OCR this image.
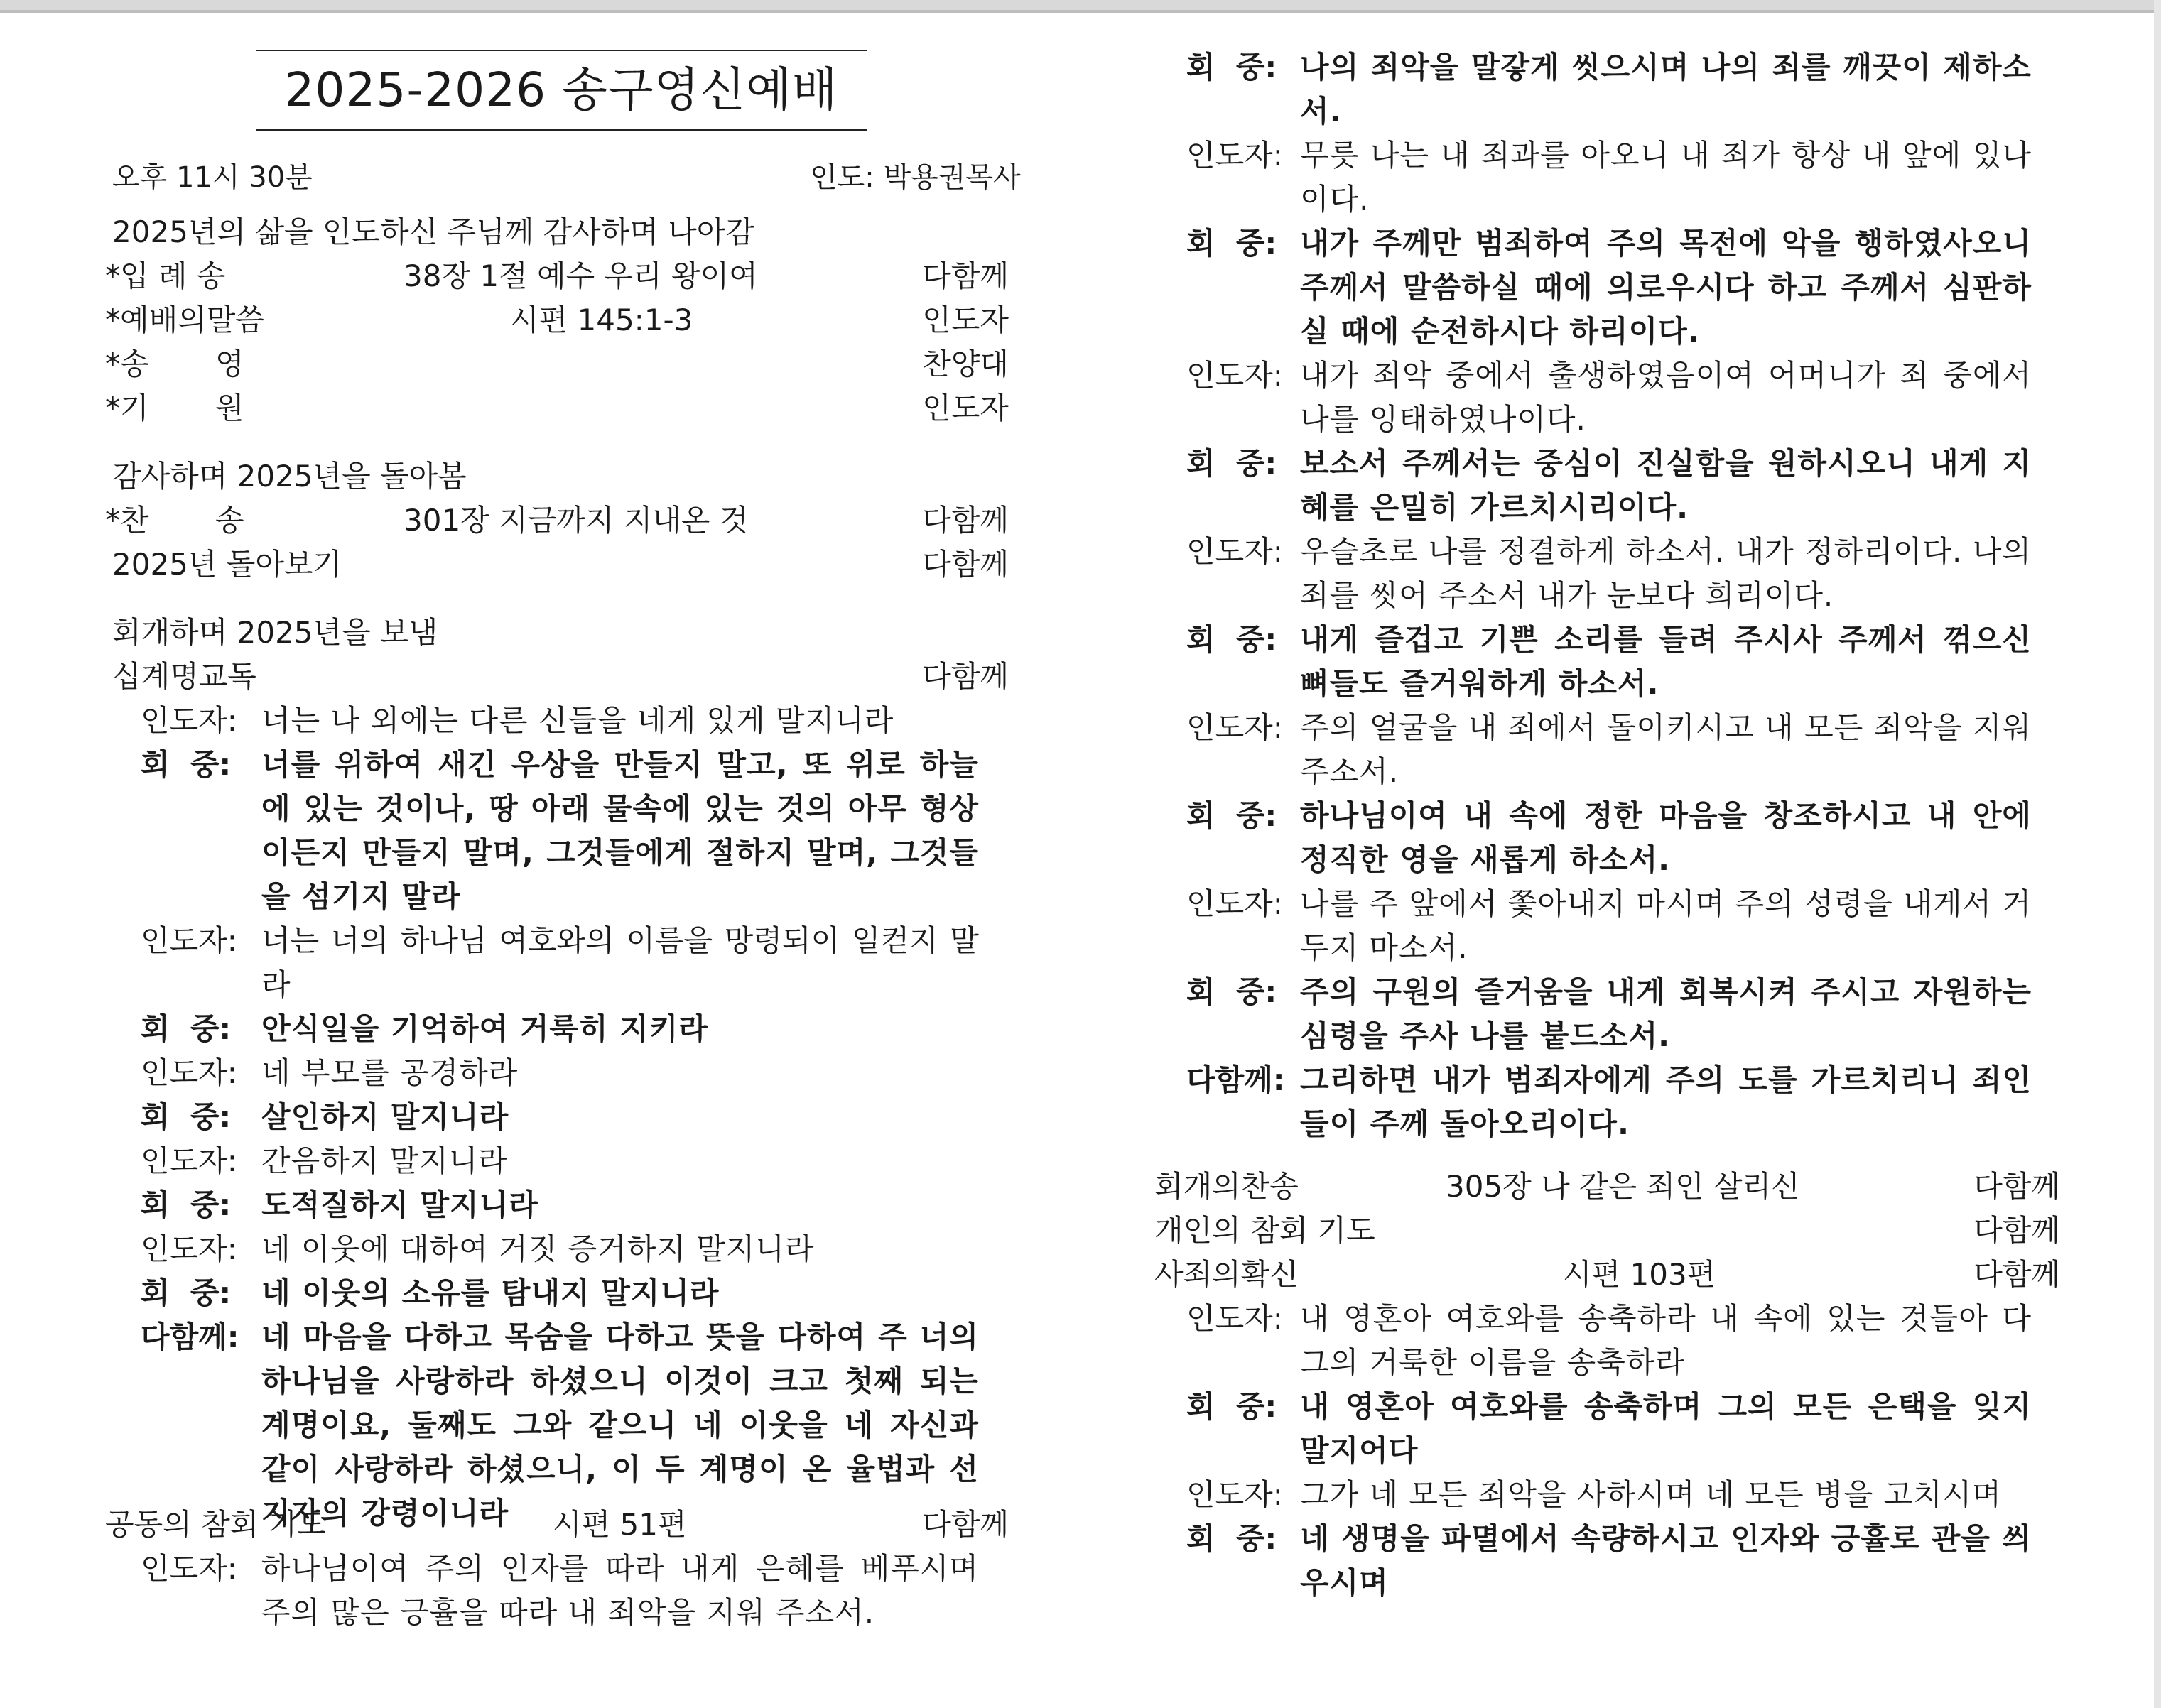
2025-2026 송구영신예배
오후 11시 30분	인도: 박용권목사
2025년의 삶을 인도하신 주님께 감사하며 나아감
*입 례 송	38장 1절 예수 우리 왕이여	다함께
*예배의말씀	시편 145:1-3	인도자
*송       영	찬양대
*기       원	인도자
감사하며 2025년을 돌아봄
*찬       송	301장 지금까지 지내온 것	다함께
2025년 돌아보기	다함께
회개하며 2025년을 보냄
십계명교독	다함께
인도자: 너는 나 외에는 다른 신들을 네게 있게 말지니라
회  중:	너를 위하여 새긴 우상을 만들지 말고, 또 위로 하늘에 있는 것이나, 땅 아래 물속에 있는 것의 아무 형상이든지 만들지 말며, 그것들에게 절하지 말며, 그것들을 섬기지 말라
인도자: 너는 너의 하나님 여호와의 이름을 망령되이 일컫지 말라
회  중:	안식일을 기억하여 거룩히 지키라
인도자: 네 부모를 공경하라
회  중:	살인하지 말지니라
인도자: 간음하지 말지니라
회  중:	도적질하지 말지니라
인도자: 네 이웃에 대하여 거짓 증거하지 말지니라
회  중:	네 이웃의 소유를 탐내지 말지니라
다함께: 네 마음을 다하고 목숨을 다하고 뜻을 다하여 주 너의 하나님을 사랑하라 하셨으니 이것이 크고 첫째 되는 계명이요, 둘째도 그와 같으니 네 이웃을 네 자신과 같이 사랑하라 하셨으니, 이 두 계명이 온 율법과 선지자의 강령이니라
공동의 참회 기도	시편 51편	다함께
인도자: 하나님이여 주의 인자를 따라 내게 은혜를 베푸시며 주의 많은 긍휼을 따라 내 죄악을 지워 주소서.
회  중: 나의 죄악을 말갛게 씻으시며 나의 죄를 깨끗이 제하소서.
인도자: 무릇 나는 내 죄과를 아오니 내 죄가 항상 내 앞에 있나이다.
회  중: 내가 주께만 범죄하여 주의 목전에 악을 행하였사오니 주께서 말씀하실 때에 의로우시다 하고 주께서 심판하실 때에 순전하시다 하리이다.
인도자: 내가 죄악 중에서 출생하였음이여 어머니가 죄 중에서 나를 잉태하였나이다.
회  중: 보소서 주께서는 중심이 진실함을 원하시오니 내게 지혜를 은밀히 가르치시리이다.
인도자: 우슬초로 나를 정결하게 하소서. 내가 정하리이다. 나의 죄를 씻어 주소서 내가 눈보다 희리이다.
회  중: 내게 즐겁고 기쁜 소리를 들려 주시사 주께서 꺾으신 뼈들도 즐거워하게 하소서.
인도자: 주의 얼굴을 내 죄에서 돌이키시고 내 모든 죄악을 지워 주소서.
회  중: 하나님이여 내 속에 정한 마음을 창조하시고 내 안에 정직한 영을 새롭게 하소서.
인도자: 나를 주 앞에서 쫓아내지 마시며 주의 성령을 내게서 거두지 마소서.
회  중: 주의 구원의 즐거움을 내게 회복시켜 주시고 자원하는 심령을 주사 나를 붙드소서.
다함께: 그리하면 내가 범죄자에게 주의 도를 가르치리니 죄인들이 주께 돌아오리이다.
회개의찬송	305장 나 같은 죄인 살리신	다함께
개인의 참회 기도	다함께
사죄의확신	시편 103편	다함께
인도자: 내 영혼아 여호와를 송축하라 내 속에 있는 것들아 다 그의 거룩한 이름을 송축하라
회  중: 내 영혼아 여호와를 송축하며 그의 모든 은택을 잊지 말지어다
인도자: 그가 네 모든 죄악을 사하시며 네 모든 병을 고치시며
회  중: 네 생명을 파멸에서 속량하시고 인자와 긍휼로 관을 씌우시며
